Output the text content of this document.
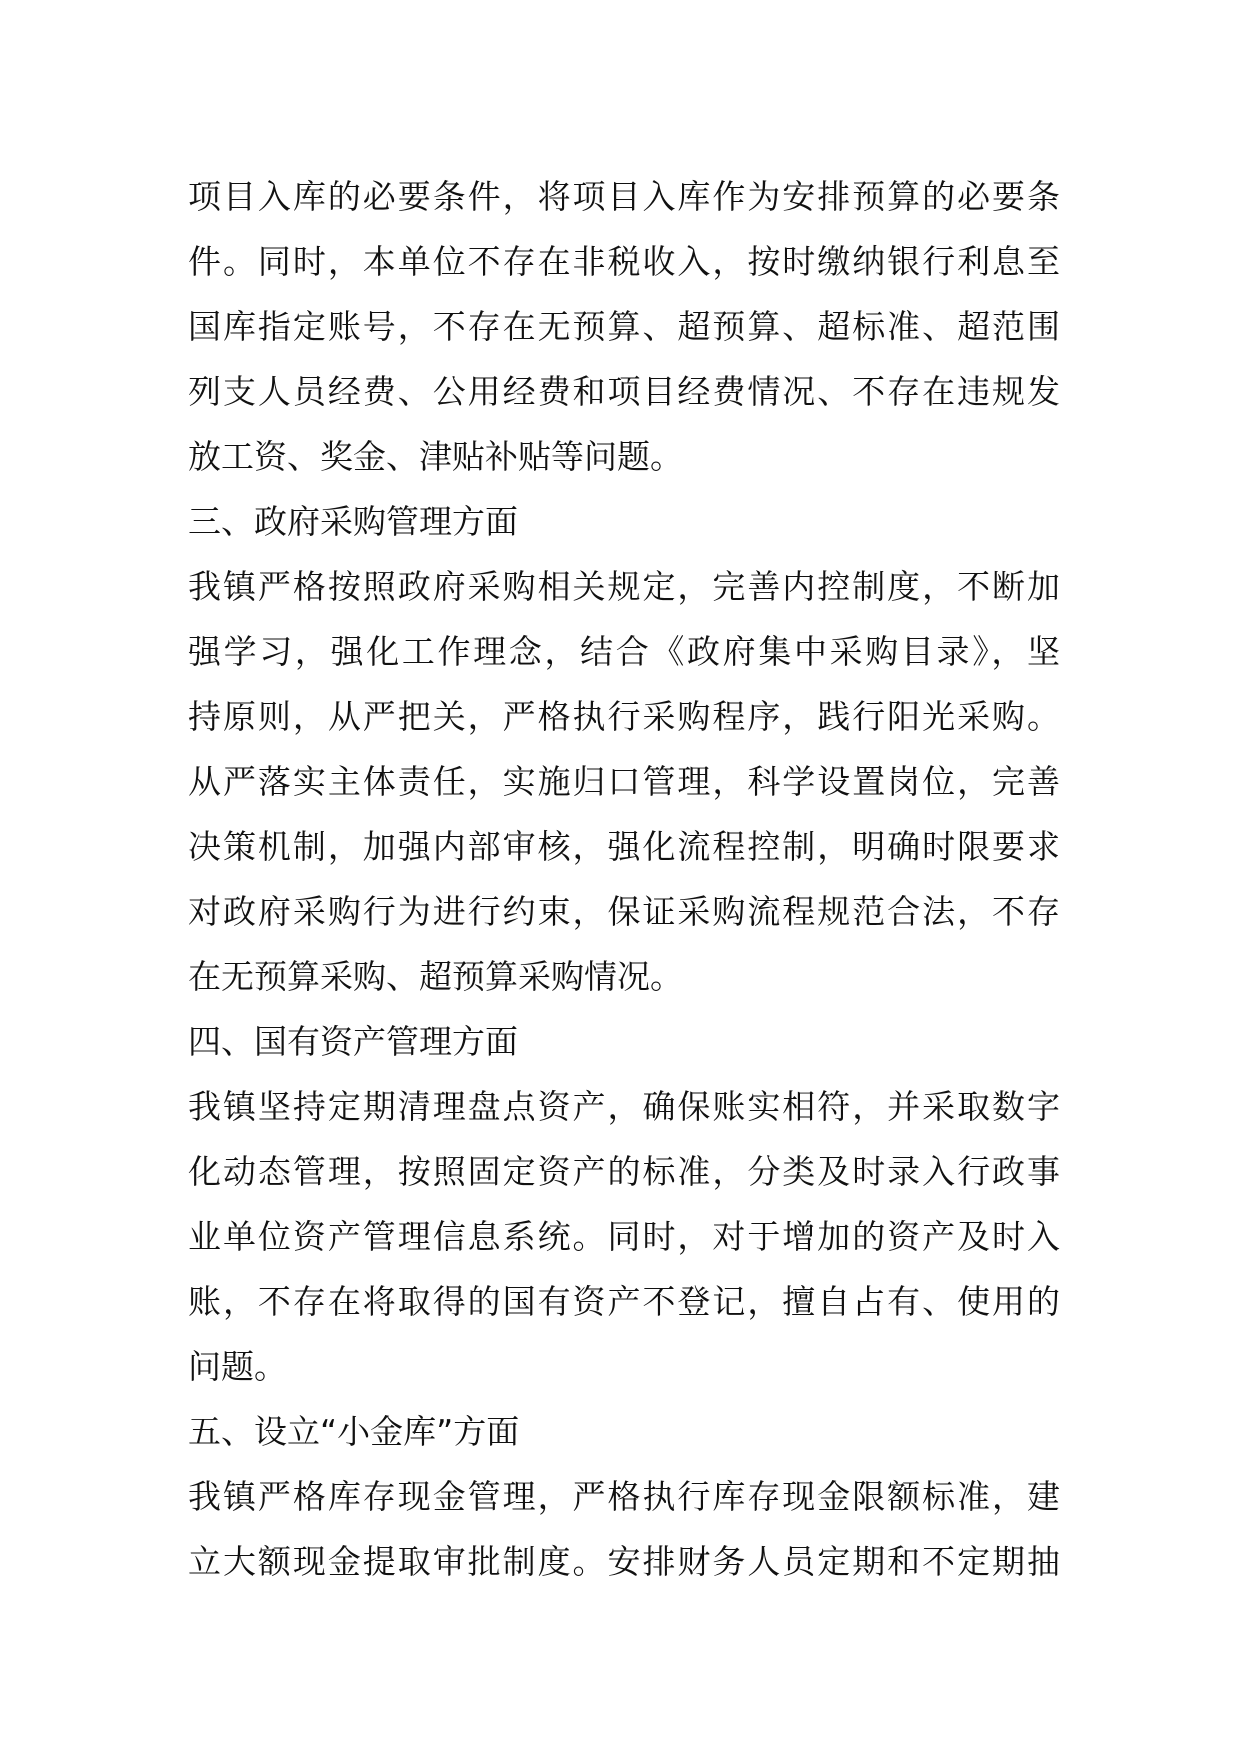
项目入库的必要条件，将项目入库作为安排预算的必要条
件。同时，本单位不存在非税收入，按时缴纳银行利息至
国库指定账号，不存在无预算、超预算、超标准、超范围
列支人员经费、公用经费和项目经费情况、不存在违规发
放工资、奖金、津贴补贴等问题。
三、政府采购管理方面
我镇严格按照政府采购相关规定，完善内控制度，不断加
强学习，强化工作理念，结合《政府集中采购目录》，坚
持原则，从严把关，严格执行采购程序，践行阳光采购。
从严落实主体责任，实施归口管理，科学设置岗位，完善
决策机制，加强内部审核，强化流程控制，明确时限要求
对政府采购行为进行约束，保证采购流程规范合法，不存
在无预算采购、超预算采购情况。
四、国有资产管理方面
我镇坚持定期清理盘点资产，确保账实相符，并采取数字
化动态管理，按照固定资产的标准，分类及时录入行政事
业单位资产管理信息系统。同时，对于增加的资产及时入
账，不存在将取得的国有资产不登记，擅自占有、使用的
问题。
五、设立“小金库”方面
我镇严格库存现金管理，严格执行库存现金限额标准，建
立大额现金提取审批制度。安排财务人员定期和不定期抽
